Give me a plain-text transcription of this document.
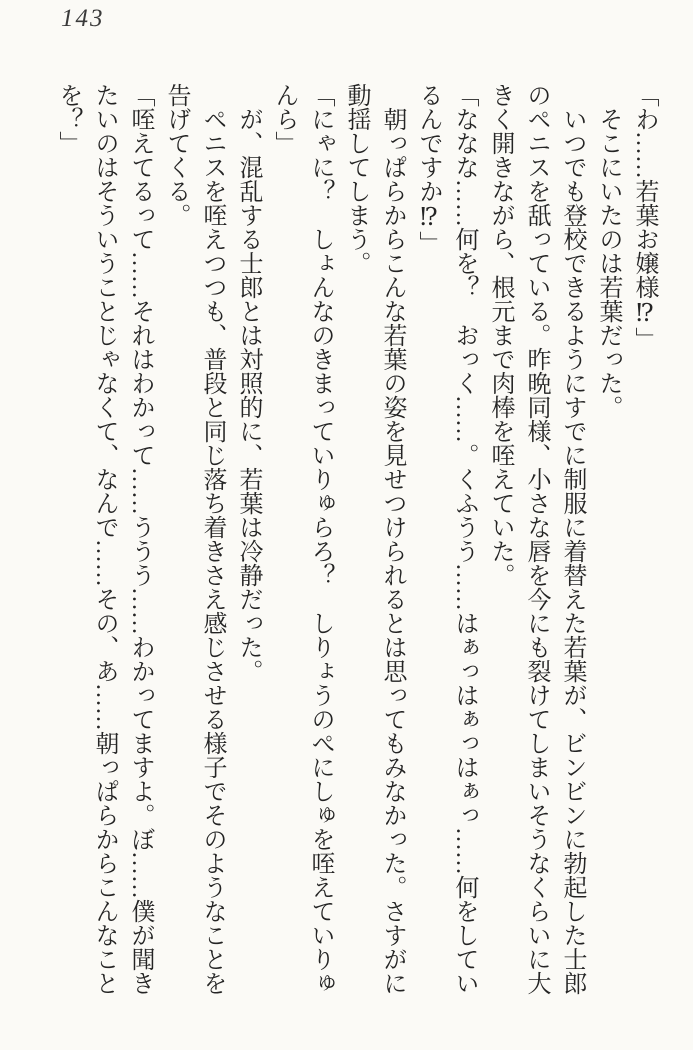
143
「わ……若葉お嬢様⁉」
そこにいたのは若葉だった。
いつでも登校できるようにすでに制服に着替えた若葉が、ビンビンに勃起した士郎
のペニスを舐っている。昨晩同様、小さな唇を今にも裂けてしまいそうなくらいに大
きく開きながら、根元まで肉棒を咥えていた。
「ななな……何を？　おっく……。くふうう……はぁっはぁっはぁっ……何をしてい
るんですか⁉」
朝っぱらからこんな若葉の姿を見せつけられるとは思ってもみなかった。さすがに
動揺してしまう。
「にゃに？　しょんなのきまっていりゅらろ？　しりょうのぺにしゅを咥えていりゅ
んら」
が、混乱する士郎とは対照的に、若葉は冷静だった。
ペニスを咥えつつも、普段と同じ落ち着きさえ感じさせる様子でそのようなことを
告げてくる。
「咥えてるって……それはわかって……ううう……わかってますよ。ぼ……僕が聞き
たいのはそういうことじゃなくて、なんで……その、あ……朝っぱらからこんなこと
を？」
